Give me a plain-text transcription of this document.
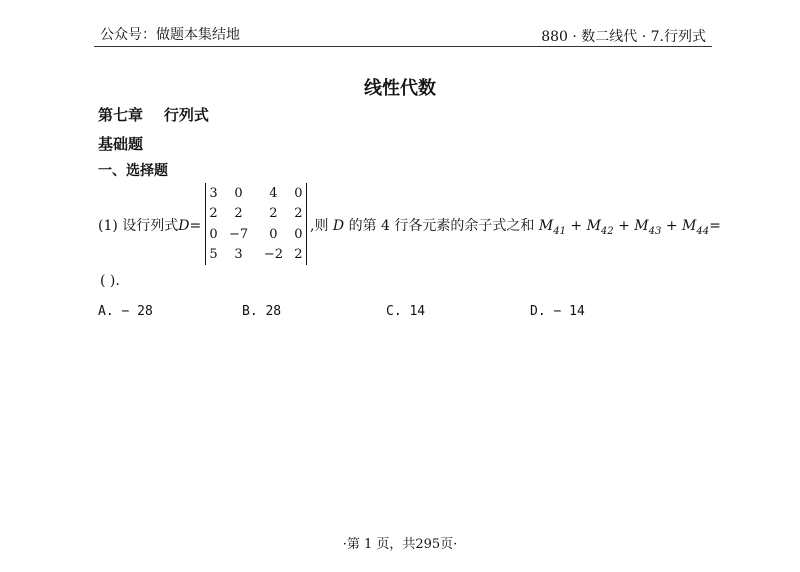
公众号：做题本集结地	880 · 数二线代 · 7.行列式
线性代数
第七章    行列式
基础题
一、选择题
(1) 设行列式D=
3	0	4	0
2	2	2	2
0	−7	0	0
5	3	−2	2
,则 D 的第 4 行各元素的余子式之和 $M_{41} + M_{42} + M_{43} + M_{44}=$
( ).
A. − 28	B. 28	C. 14	D. − 14
·第 1 页，共295页·
